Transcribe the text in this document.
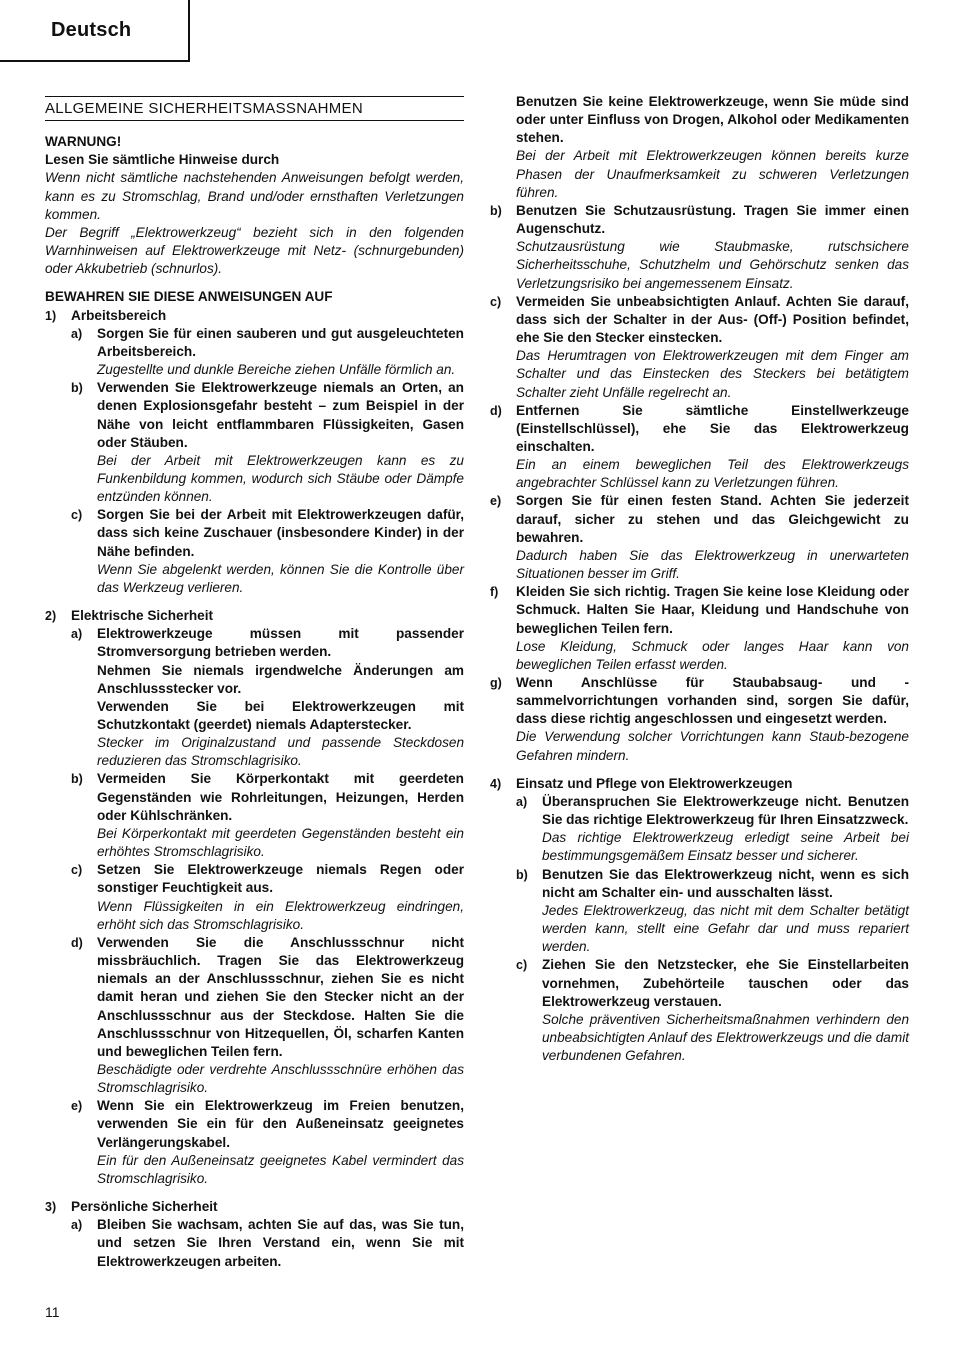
Deutsch
ALLGEMEINE SICHERHEITSMASSNAHMEN

WARNUNG!

Lesen Sie sämtliche Hinweise durch

Wenn nicht sämtliche nachstehenden Anweisungen befolgt werden, kann es zu Stromschlag, Brand und/oder ernsthaften Verletzungen kommen.

Der Begriff „Elektrowerkzeug“ bezieht sich in den folgenden Warnhinweisen auf Elektrowerkzeuge mit Netz- (schnurgebunden) oder Akkubetrieb (schnurlos).

BEWAHREN SIE DIESE ANWEISUNGEN AUF

1)	Arbeitsbereich
a)	Sorgen Sie für einen sauberen und gut ausgeleuchteten Arbeitsbereich.

Zugestellte und dunkle Bereiche ziehen Unfälle förmlich an.

b)	Verwenden Sie Elektrowerkzeuge niemals an Orten, an denen Explosionsgefahr besteht – zum Beispiel in der Nähe von leicht entflammbaren Flüssigkeiten, Gasen oder Stäuben.

Bei der Arbeit mit Elektrowerkzeugen kann es zu Funkenbildung kommen, wodurch sich Stäube oder Dämpfe entzünden können.

c)	Sorgen Sie bei der Arbeit mit Elektrowerkzeugen dafür, dass sich keine Zuschauer (insbesondere Kinder) in der Nähe befinden.

Wenn Sie abgelenkt werden, können Sie die Kontrolle über das Werkzeug verlieren.

2)	Elektrische Sicherheit
a)	Elektrowerkzeuge müssen mit passender Stromversorgung betrieben werden.

Nehmen Sie niemals irgendwelche Änderungen am Anschlussstecker vor.

Verwenden Sie bei Elektrowerkzeugen mit Schutzkontakt (geerdet) niemals Adapterstecker.

Stecker im Originalzustand und passende Steckdosen reduzieren das Stromschlagrisiko.

b)	Vermeiden Sie Körperkontakt mit geerdeten Gegenständen wie Rohrleitungen, Heizungen, Herden oder Kühlschränken.

Bei Körperkontakt mit geerdeten Gegenständen besteht ein erhöhtes Stromschlagrisiko.

c)	Setzen Sie Elektrowerkzeuge niemals Regen oder sonstiger Feuchtigkeit aus.

Wenn Flüssigkeiten in ein Elektrowerkzeug eindringen, erhöht sich das Stromschlagrisiko.

d)	Verwenden Sie die Anschlussschnur nicht missbräuchlich. Tragen Sie das Elektrowerkzeug niemals an der Anschlussschnur, ziehen Sie es nicht damit heran und ziehen Sie den Stecker nicht an der Anschlussschnur aus der Steckdose. Halten Sie die Anschlussschnur von Hitzequellen, Öl, scharfen Kanten und beweglichen Teilen fern.

Beschädigte oder verdrehte Anschlussschnüre erhöhen das Stromschlagrisiko.

e)	Wenn Sie ein Elektrowerkzeug im Freien benutzen, verwenden Sie ein für den Außeneinsatz geeignetes Verlängerungskabel.

Ein für den Außeneinsatz geeignetes Kabel vermindert das Stromschlagrisiko.

3)	Persönliche Sicherheit
a)	Bleiben Sie wachsam, achten Sie auf das, was Sie tun, und setzen Sie Ihren Verstand ein, wenn Sie mit Elektrowerkzeugen arbeiten.

Benutzen Sie keine Elektrowerkzeuge, wenn Sie müde sind oder unter Einfluss von Drogen, Alkohol oder Medikamenten stehen.

Bei der Arbeit mit Elektrowerkzeugen können bereits kurze Phasen der Unaufmerksamkeit zu schweren Verletzungen führen.

b)	Benutzen Sie Schutzausrüstung. Tragen Sie immer einen Augenschutz.

Schutzausrüstung wie Staubmaske, rutschsichere Sicherheitsschuhe, Schutzhelm und Gehörschutz senken das Verletzungsrisiko bei angemessenem Einsatz.

c)	Vermeiden Sie unbeabsichtigten Anlauf. Achten Sie darauf, dass sich der Schalter in der Aus- (Off-) Position befindet, ehe Sie den Stecker einstecken.

Das Herumtragen von Elektrowerkzeugen mit dem Finger am Schalter und das Einstecken des Steckers bei betätigtem Schalter zieht Unfälle regelrecht an.

d)	Entfernen Sie sämtliche Einstellwerkzeuge (Einstellschlüssel), ehe Sie das Elektrowerkzeug einschalten.

Ein an einem beweglichen Teil des Elektrowerkzeugs angebrachter Schlüssel kann zu Verletzungen führen.

e)	Sorgen Sie für einen festen Stand. Achten Sie jederzeit darauf, sicher zu stehen und das Gleichgewicht zu bewahren.

Dadurch haben Sie das Elektrowerkzeug in unerwarteten Situationen besser im Griff.

f)	Kleiden Sie sich richtig. Tragen Sie keine lose Kleidung oder Schmuck. Halten Sie Haar, Kleidung und Handschuhe von beweglichen Teilen fern.

Lose Kleidung, Schmuck oder langes Haar kann von beweglichen Teilen erfasst werden.

g)	Wenn Anschlüsse für Staubabsaug- und -sammelvorrichtungen vorhanden sind, sorgen Sie dafür, dass diese richtig angeschlossen und eingesetzt werden.

Die Verwendung solcher Vorrichtungen kann Staub-bezogene Gefahren mindern.

4)	Einsatz und Pflege von Elektrowerkzeugen
a)	Überanspruchen Sie Elektrowerkzeuge nicht. Benutzen Sie das richtige Elektrowerkzeug für Ihren Einsatzzweck.

Das richtige Elektrowerkzeug erledigt seine Arbeit bei bestimmungsgemäßem Einsatz besser und sicherer.

b)	Benutzen Sie das Elektrowerkzeug nicht, wenn es sich nicht am Schalter ein- und ausschalten lässt.

Jedes Elektrowerkzeug, das nicht mit dem Schalter betätigt werden kann, stellt eine Gefahr dar und muss repariert werden.

c)	Ziehen Sie den Netzstecker, ehe Sie Einstellarbeiten vornehmen, Zubehörteile tauschen oder das Elektrowerkzeug verstauen.

Solche präventiven Sicherheitsmaßnahmen verhindern den unbeabsichtigten Anlauf des Elektrowerkzeugs und die damit verbundenen Gefahren.

11
